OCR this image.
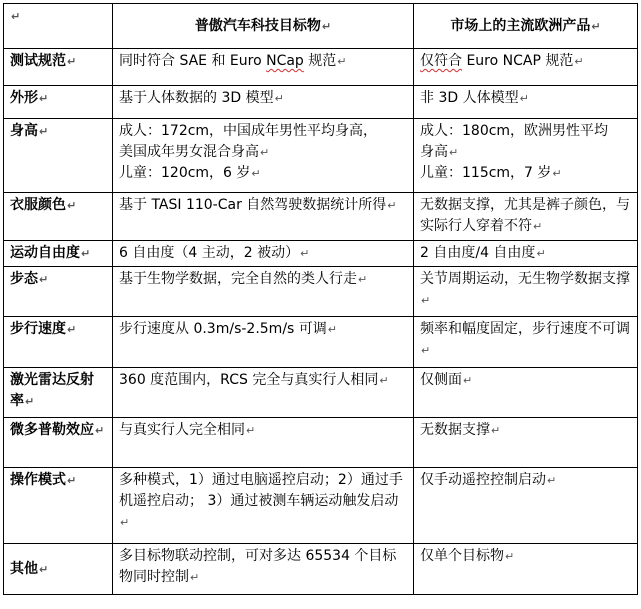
↵	普傲汽车科技目标物↵	市场上的主流欧洲产品↵
测试规范↵	同时符合 SAE 和 Euro NCap 规范↵	仅符合 Euro NCAP 规范↵
外形↵	基于人体数据的 3D 模型↵	非 3D 人体模型↵
身高↵	成人：172cm，中国成年男性平均身高，
美国成年男女混合身高↵
儿童：120cm，6 岁↵	成人：180cm，欧洲男性平均
身高↵
儿童：115cm，7 岁↵

衣服颜色↵	基于 TASI 110-Car 自然驾驶数据统计所得↵	无数据支撑，尤其是裤子颜色，与实际行人穿着不符↵
运动自由度↵	6 自由度（4 主动，2 被动）↵	2 自由度/4 自由度↵
步态↵	基于生物学数据，完全自然的类人行走↵	关节周期运动，无生物学数据支撑↵
步行速度↵	步行速度从 0.3m/s-2.5m/s 可调↵	频率和幅度固定，步行速度不可调↵
激光雷达反射率↵	360 度范围内，RCS 完全与真实行人相同↵	仅侧面↵
微多普勒效应↵	与真实行人完全相同↵	无数据支撑↵
操作模式↵	多种模式，1）通过电脑遥控启动；2）通过手机遥控启动； 3）通过被测车辆运动触发启动↵	仅手动遥控控制启动↵
其他↵	多目标物联动控制，可对多达 65534 个目标物同时控制↵	仅单个目标物↵
